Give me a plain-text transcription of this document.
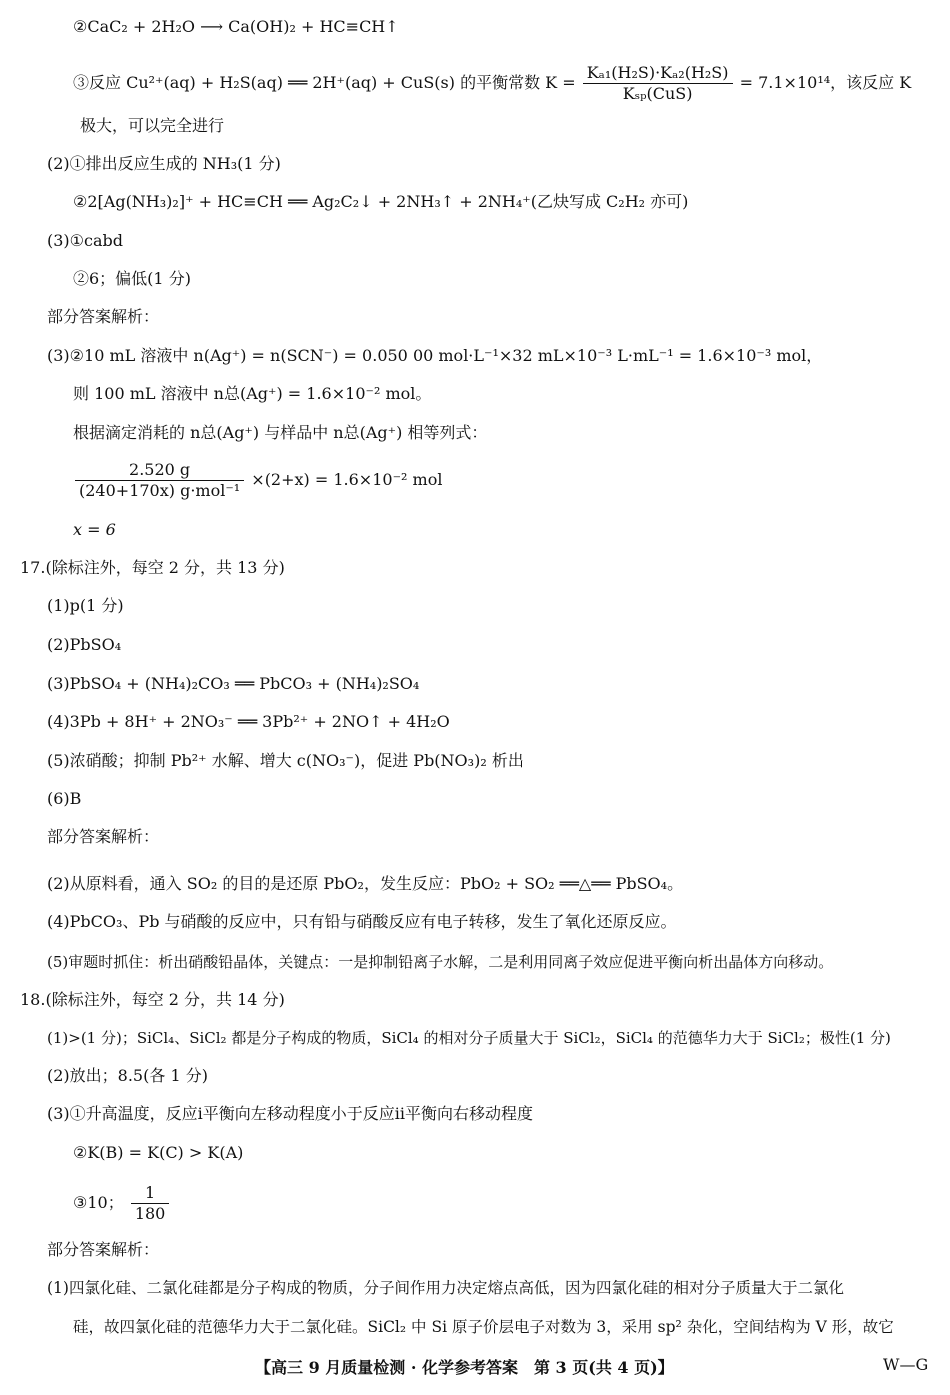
②CaC₂ + 2H₂O ⟶ Ca(OH)₂ + HC≡CH↑
③反应 Cu²⁺(aq) + H₂S(aq) ══ 2H⁺(aq) + CuS(s) 的平衡常数 $K = \frac{\text{Kₐ₁(H₂S)·Kₐ₂(H₂S)}}{\text{Kₛₚ(CuS)}} = 7.1\times 10^{14}$，该反应 K
极大，可以完全进行
(2)①排出反应生成的 NH₃(1 分)
②2[Ag(NH₃)₂]⁺ + HC≡CH ══ Ag₂C₂↓ + 2NH₃↑ + 2NH₄⁺(乙炔写成 C₂H₂ 亦可)
(3)①cabd
②6；偏低(1 分)
部分答案解析：
(3)②10 mL 溶液中 n(Ag⁺) = n(SCN⁻) = 0.050 00 mol·L⁻¹×32 mL×10⁻³ L·mL⁻¹ = 1.6×10⁻³ mol，
则 100 mL 溶液中 n总(Ag⁺) = 1.6×10⁻² mol。
根据滴定消耗的 n总(Ag⁺) 与样品中 n总(Ag⁺) 相等列式：
$\frac{2.520 g}{\text{(240+170x) g·mol⁻¹}} \times(2+x) = 1.6\times 10^{-2}$ mol
x = 6
17.(除标注外，每空 2 分，共 13 分)
(1)p(1 分)
(2)PbSO₄
(3)PbSO₄ + (NH₄)₂CO₃ ══ PbCO₃ + (NH₄)₂SO₄
(4)3Pb + 8H⁺ + 2NO₃⁻ ══ 3Pb²⁺ + 2NO↑ + 4H₂O
(5)浓硝酸；抑制 Pb²⁺ 水解、增大 c(NO₃⁻)，促进 Pb(NO₃)₂ 析出
(6)B
部分答案解析：
(2)从原料看，通入 SO₂ 的目的是还原 PbO₂，发生反应：PbO₂ + SO₂ ══△══ PbSO₄。
(4)PbCO₃、Pb 与硝酸的反应中，只有铅与硝酸反应有电子转移，发生了氧化还原反应。
(5)审题时抓住：析出硝酸铅晶体，关键点：一是抑制铅离子水解，二是利用同离子效应促进平衡向析出晶体方向移动。
18.(除标注外，每空 2 分，共 14 分)
(1)>(1 分)；SiCl₄、SiCl₂ 都是分子构成的物质，SiCl₄ 的相对分子质量大于 SiCl₂，SiCl₄ 的范德华力大于 SiCl₂；极性(1 分)
(2)放出；8.5(各 1 分)
(3)①升高温度，反应ⅰ平衡向左移动程度小于反应ⅱ平衡向右移动程度
②K(B) = K(C) > K(A)
③10； $\frac{1}{180}$
部分答案解析：
(1)四氯化硅、二氯化硅都是分子构成的物质，分子间作用力决定熔点高低，因为四氯化硅的相对分子质量大于二氯化
硅，故四氯化硅的范德华力大于二氯化硅。SiCl₂ 中 Si 原子价层电子对数为 3，采用 sp² 杂化，空间结构为 V 形，故它
【高三 9 月质量检测 · 化学参考答案　第 3 页(共 4 页)】	W—G
